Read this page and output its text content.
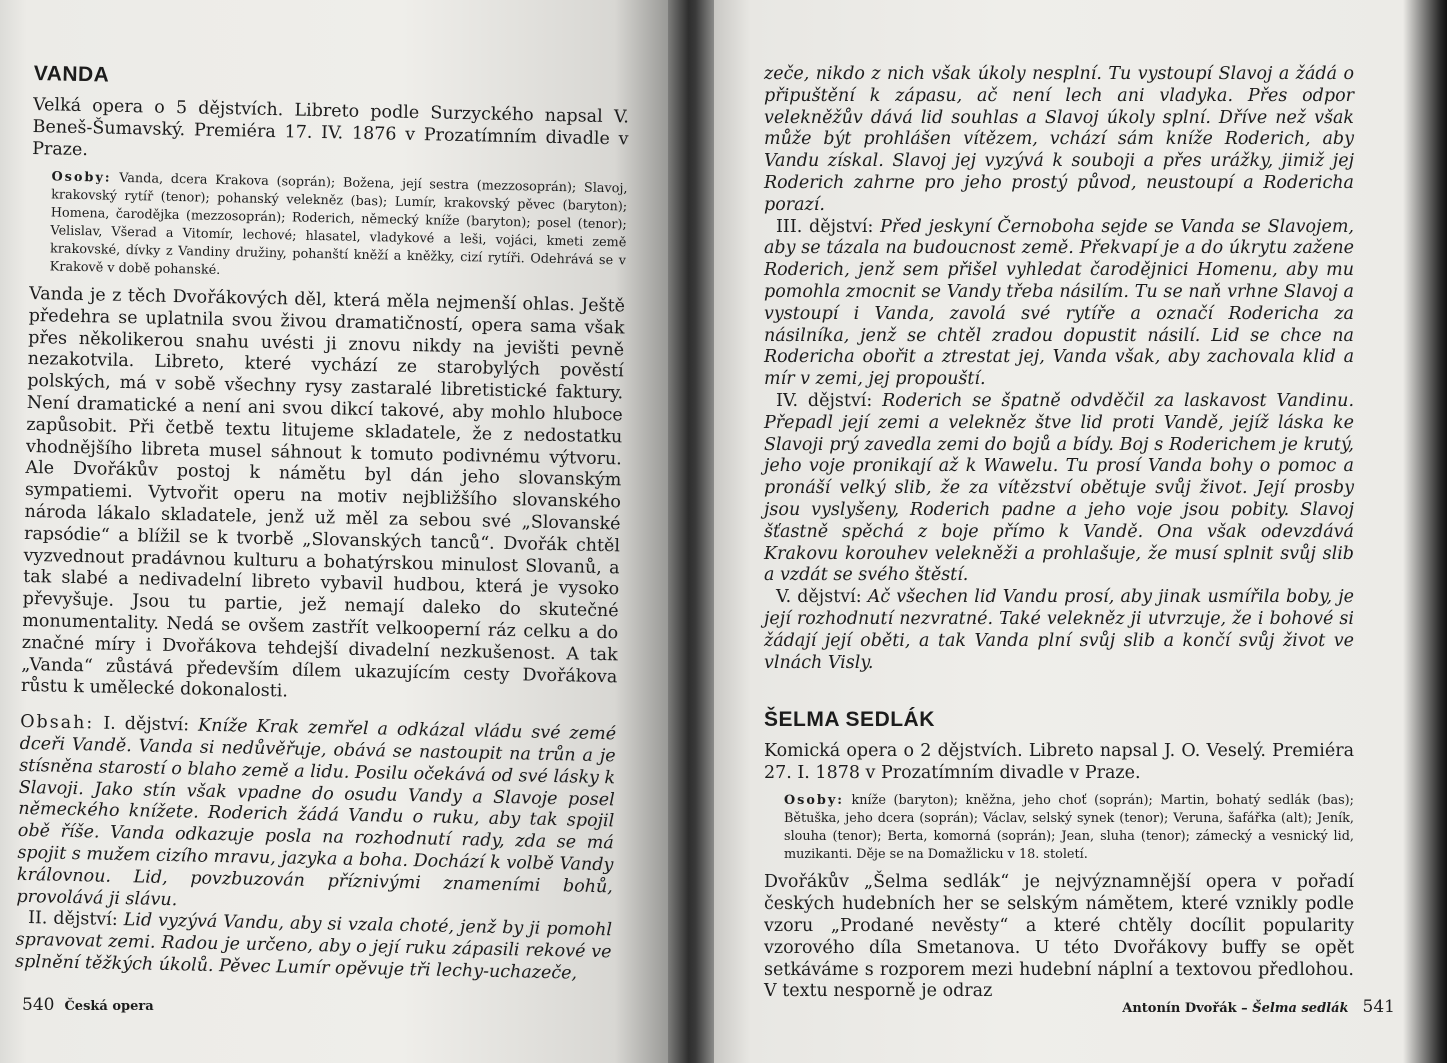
VANDA

Velká opera o 5 dějstvích. Libreto podle Surzyckého napsal V. Beneš-Šumavský. Premiéra 17. IV. 1876 v Prozatímním divadle v Praze.

Osoby: Vanda, dcera Krakova (soprán); Božena, její sestra (mezzosoprán); Slavoj, krakovský rytíř (tenor); pohanský velekněz (bas); Lumír, krakovský pěvec (baryton); Homena, čarodějka (mezzosoprán); Roderich, německý kníže (baryton); posel (tenor); Velislav, Všerad a Vitomír, lechové; hlasatel, vladykové a leši, vojáci, kmeti země krakovské, dívky z Vandiny družiny, pohanští kněží a kněžky, cizí rytíři. Odehrává se v Krakově v době pohanské.

Vanda je z těch Dvořákových děl, která měla nejmenší ohlas. Ještě předehra se uplatnila svou živou dramatičností, opera sama však přes několikerou snahu uvésti ji znovu nikdy na jevišti pevně nezakotvila. Libreto, které vychází ze starobylých pověstí polských, má v sobě všechny rysy zastaralé libretistické faktury. Není dramatické a není ani svou dikcí takové, aby mohlo hluboce zapůsobit. Při četbě textu litujeme skladatele, že z nedostatku vhodnějšího libreta musel sáhnout k tomuto podivnému výtvoru. Ale Dvořákův postoj k námětu byl dán jeho slovanským sympatiemi. Vytvořit operu na motiv nejbližšího slovanského národa lákalo skladatele, jenž už měl za sebou své „Slovanské rapsódie“ a blížil se k tvorbě „Slovanských tanců“. Dvořák chtěl vyzvednout pradávnou kulturu a bohatýrskou minulost Slovanů, a tak slabé a nedivadelní libreto vybavil hudbou, která je vysoko převyšuje. Jsou tu partie, jež nemají daleko do skutečné monumentality. Nedá se ovšem zastřít velkooperní ráz celku a do značné míry i Dvořákova tehdejší divadelní nezkušenost. A tak „Vanda“ zůstává především dílem ukazujícím cesty Dvořákova růstu k umělecké dokonalosti.

Obsah: I. dějství: Kníže Krak zemřel a odkázal vládu své zemé dceři Vandě. Vanda si nedůvěřuje, obává se nastoupit na trůn a je stísněna starostí o blaho země a lidu. Posilu očekává od své lásky k Slavoji. Jako stín však vpadne do osudu Vandy a Slavoje posel německého knížete. Roderich žádá Vandu o ruku, aby tak spojil obě říše. Vanda odkazuje posla na rozhodnutí rady, zda se má spojit s mužem cizího mravu, jazyka a boha. Dochází k volbě Vandy královnou. Lid, povzbuzován příznivými znameními bohů, provolává ji slávu.

II. dějství: Lid vyzývá Vandu, aby si vzala choté, jenž by ji pomohl spravovat zemi. Radou je určeno, aby o její ruku zápasili rekové ve splnění těžkých úkolů. Pěvec Lumír opěvuje tři lechy-uchazeče,

540 Česká opera

zeče, nikdo z nich však úkoly nesplní. Tu vystoupí Slavoj a žádá o připuštění k zápasu, ač není lech ani vladyka. Přes odpor velekněžův dává lid souhlas a Slavoj úkoly splní. Dříve než však může být prohlášen vítězem, vchází sám kníže Roderich, aby Vandu získal. Slavoj jej vyzývá k souboji a přes urážky, jimiž jej Roderich zahrne pro jeho prostý původ, neustoupí a Rodericha porazí.

III. dějství: Před jeskyní Černoboha sejde se Vanda se Slavojem, aby se tázala na budoucnost země. Překvapí je a do úkrytu zažene Roderich, jenž sem přišel vyhledat čarodějnici Homenu, aby mu pomohla zmocnit se Vandy třeba násilím. Tu se naň vrhne Slavoj a vystoupí i Vanda, zavolá své rytíře a označí Rodericha za násilníka, jenž se chtěl zradou dopustit násilí. Lid se chce na Rodericha obořit a ztrestat jej, Vanda však, aby zachovala klid a mír v zemi, jej propouští.

IV. dějství: Roderich se špatně odvděčil za laskavost Vandinu. Přepadl její zemi a velekněz štve lid proti Vandě, jejíž láska ke Slavoji prý zavedla zemi do bojů a bídy. Boj s Roderichem je krutý, jeho voje pronikají až k Wawelu. Tu prosí Vanda bohy o pomoc a pronáší velký slib, že za vítězství obětuje svůj život. Její prosby jsou vyslyšeny, Roderich padne a jeho voje jsou pobity. Slavoj šťastně spěchá z boje přímo k Vandě. Ona však odevzdává Krakovu korouhev velekněži a prohlašuje, že musí splnit svůj slib a vzdát se svého štěstí.

V. dějství: Ač všechen lid Vandu prosí, aby jinak usmířila boby, je její rozhodnutí nezvratné. Také velekněz ji utvrzuje, že i bohové si žádají její oběti, a tak Vanda plní svůj slib a končí svůj život ve vlnách Visly.

ŠELMA SEDLÁK

Komická opera o 2 dějstvích. Libreto napsal J. O. Veselý. Premiéra 27. I. 1878 v Prozatímním divadle v Praze.

Osoby: kníže (baryton); kněžna, jeho choť (soprán); Martin, bohatý sedlák (bas); Bětuška, jeho dcera (soprán); Václav, selský synek (tenor); Veruna, šafářka (alt); Jeník, slouha (tenor); Berta, komorná (soprán); Jean, sluha (tenor); zámecký a vesnický lid, muzikanti. Děje se na Domažlicku v 18. století.

Dvořákův „Šelma sedlák“ je nejvýznamnější opera v pořadí českých hudebních her se selským námětem, které vznikly podle vzoru „Prodané nevěsty“ a které chtěly docílit popularity vzorového díla Smetanova. U této Dvořákovy buffy se opět setkáváme s rozporem mezi hudební náplní a textovou předlohou. V textu nesporně je odraz

Antonín Dvořák – Šelma sedlák 541
